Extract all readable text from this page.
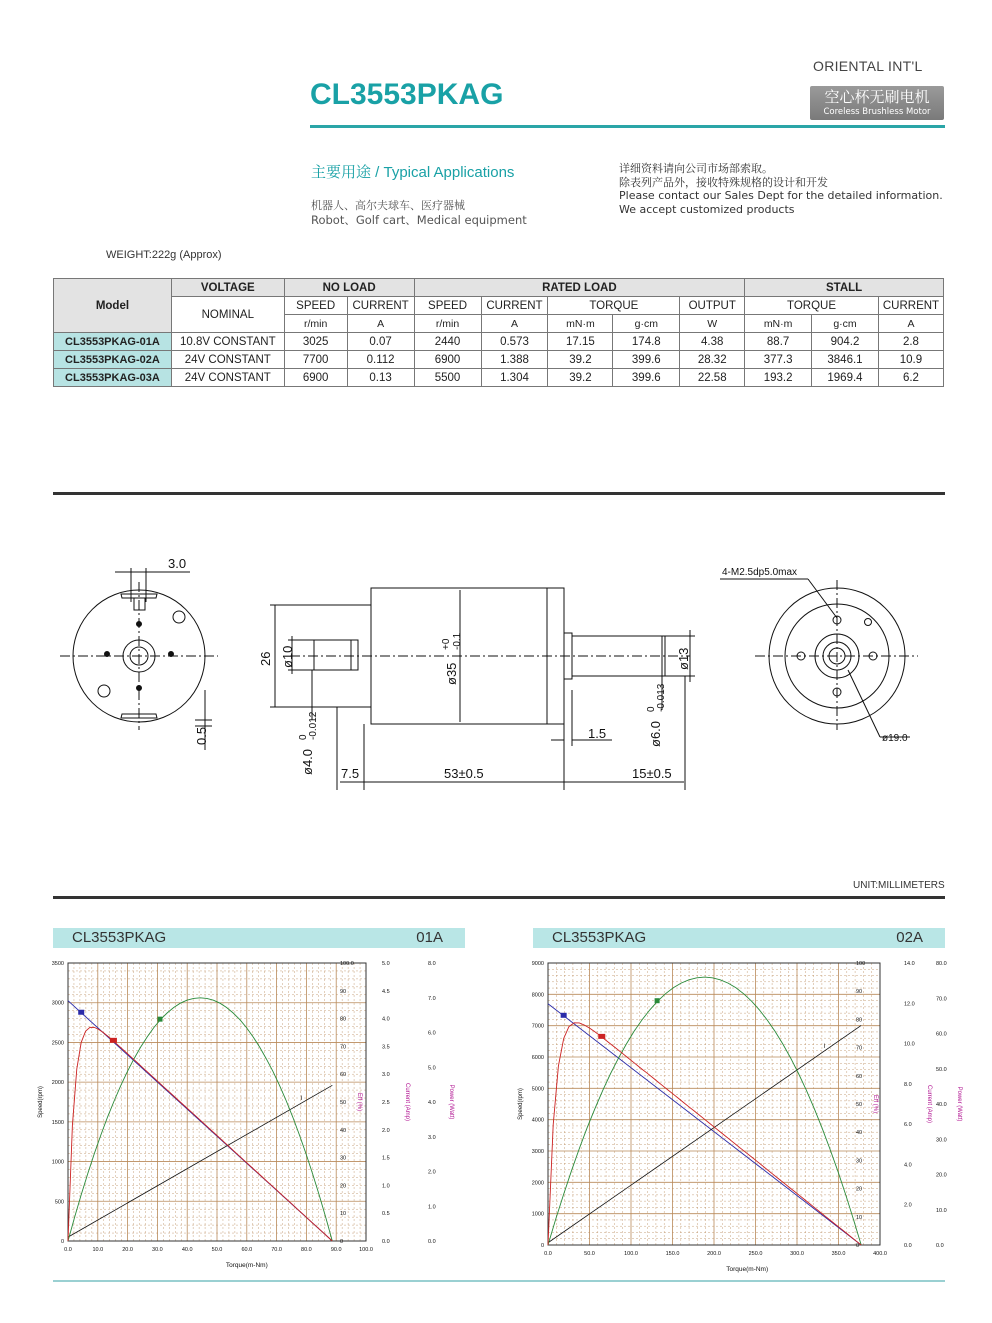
ORIENTAL INT'L
空心杯无刷电机
Coreless Brushless Motor
CL3553PKAG
主要用途 / Typical Applications
机器人、高尔夫球车、医疗器械
Robot、Golf cart、Medical equipment
详细资料请向公司市场部索取。
除表列产品外，接收特殊规格的设计和开发
Please contact our Sales Dept for the detailed information.
We accept customized products
WEIGHT:222g (Approx)
Model	VOLTAGE	NO LOAD		RATED LOAD					STALL		
	NOMINAL	SPEED	CURRENT	SPEED	CURRENT	TORQUE		OUTPUT	TORQUE		CURRENT
		r/min	A	r/min	A	mN·m	g·cm	W	mN·m	g·cm	A
CL3553PKAG-01A	10.8V CONSTANT	3025	0.07	2440	0.573	17.15	174.8	4.38	88.7	904.2	2.8
CL3553PKAG-02A	24V CONSTANT	7700	0.112	6900	1.388	39.2	399.6	28.32	377.3	3846.1	10.9
CL3553PKAG-03A	24V CONSTANT	6900	0.13	5500	1.304	39.2	399.6	22.58	193.2	1969.4	6.2
3.0
0.5
26 ø10
ø35
+0 -0.1
ø4.0
0 -0.012
7.5	53±0.5	15±0.5
1.5
ø13
ø6.0
0 -0.013
4-M2.5dp5.0max
ø19.0
UNIT:MILLIMETERS
CL3553PKAG	01A	CL3553PKAG	02A
0.0	10.0	20.0	30.0	40.0	50.0	60.0	70.0	80.0	90.0	100.0
Torque(m-Nm)
0
500
1000
1500
2000
2500
3000
3500
Speed(rpm)
0
10
20
30
40
50
60
70
80
90
100.0
Eff (%)
0.0
0.5
1.0
1.5
2.0
2.5
3.0
3.5
4.0
4.5
5.0
Current (Amp)
0.0
1.0
2.0
3.0
4.0
5.0
6.0
7.0
8.0
Power (Watt)
I
0.0	50.0	100.0	150.0	200.0	250.0	300.0	350.0	400.0
Torque(m-Nm)
0
1000
2000
3000
4000
5000
6000
7000
8000
9000
Speed(rpm)
0
10
20
30
40
50
60
70
80
90
100
Eff (%)
0.0
2.0
4.0
6.0
8.0
10.0
12.0
14.0
Current (Amp)
0.0
10.0
20.0
30.0
40.0
50.0
60.0
70.0
80.0
Power (Watt)
I
